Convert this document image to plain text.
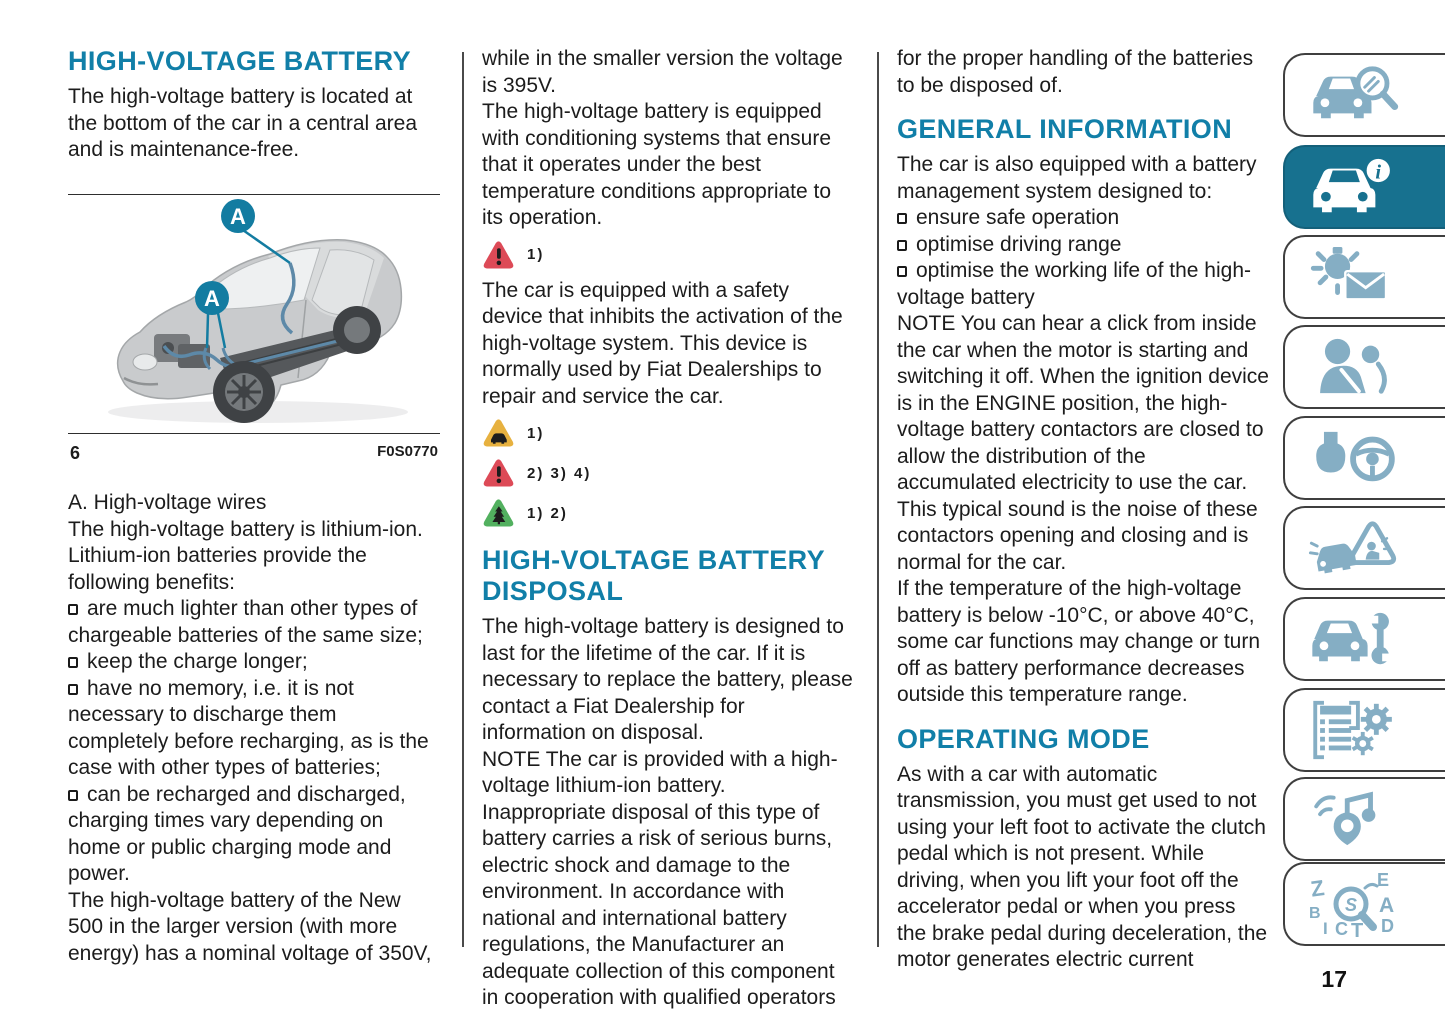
HIGH-VOLTAGE BATTERY

The high-voltage battery is located at the bottom of the car in a central area and is maintenance-free.

A
A
6	F0S0770

A. High-voltage wires

The high-voltage battery is lithium-ion. Lithium-ion batteries provide the following benefits:

are much lighter than other types of chargeable batteries of the same size;

keep the charge longer;

have no memory, i.e. it is not necessary to discharge them completely before recharging, as is the case with other types of batteries;

can be recharged and discharged, charging times vary depending on home or public charging mode and power.

The high-voltage battery of the New 500 in the larger version (with more energy) has a nominal voltage of 350V,

while in the smaller version the voltage is 395V.

The high-voltage battery is equipped with conditioning systems that ensure that it operates under the best temperature conditions appropriate to its operation.

1)

The car is equipped with a safety device that inhibits the activation of the high-voltage system. This device is normally used by Fiat Dealerships to repair and service the car.

1)
2) 3) 4)
1) 2)
HIGH-VOLTAGE BATTERY DISPOSAL

The high-voltage battery is designed to last for the lifetime of the car. If it is necessary to replace the battery, please contact a Fiat Dealership for information on disposal.

NOTE The car is provided with a high-voltage lithium-ion battery. Inappropriate disposal of this type of battery carries a risk of serious burns, electric shock and damage to the environment. In accordance with national and international battery regulations, the Manufacturer an adequate collection of this component in cooperation with qualified operators

for the proper handling of the batteries to be disposed of.

GENERAL INFORMATION

The car is also equipped with a battery management system designed to:

ensure safe operation

optimise driving range

optimise the working life of the high-voltage battery

NOTE You can hear a click from inside the car when the motor is starting and switching it off. When the ignition device is in the ENGINE position, the high-voltage battery contactors are closed to allow the distribution of the accumulated electricity to use the car. This typical sound is the noise of these contactors opening and closing and is normal for the car.

If the temperature of the high-voltage battery is below -10°C, or above 40°C, some car functions may change or turn off as battery performance decreases outside this temperature range.

OPERATING MODE

As with a car with automatic transmission, you must get used to not using your left foot to activate the clutch pedal which is not present. While driving, when you lift your foot off the accelerator pedal or when you press the brake pedal during deceleration, the motor generates electric current

i
Z	E
B	A
I C T D
S
17
